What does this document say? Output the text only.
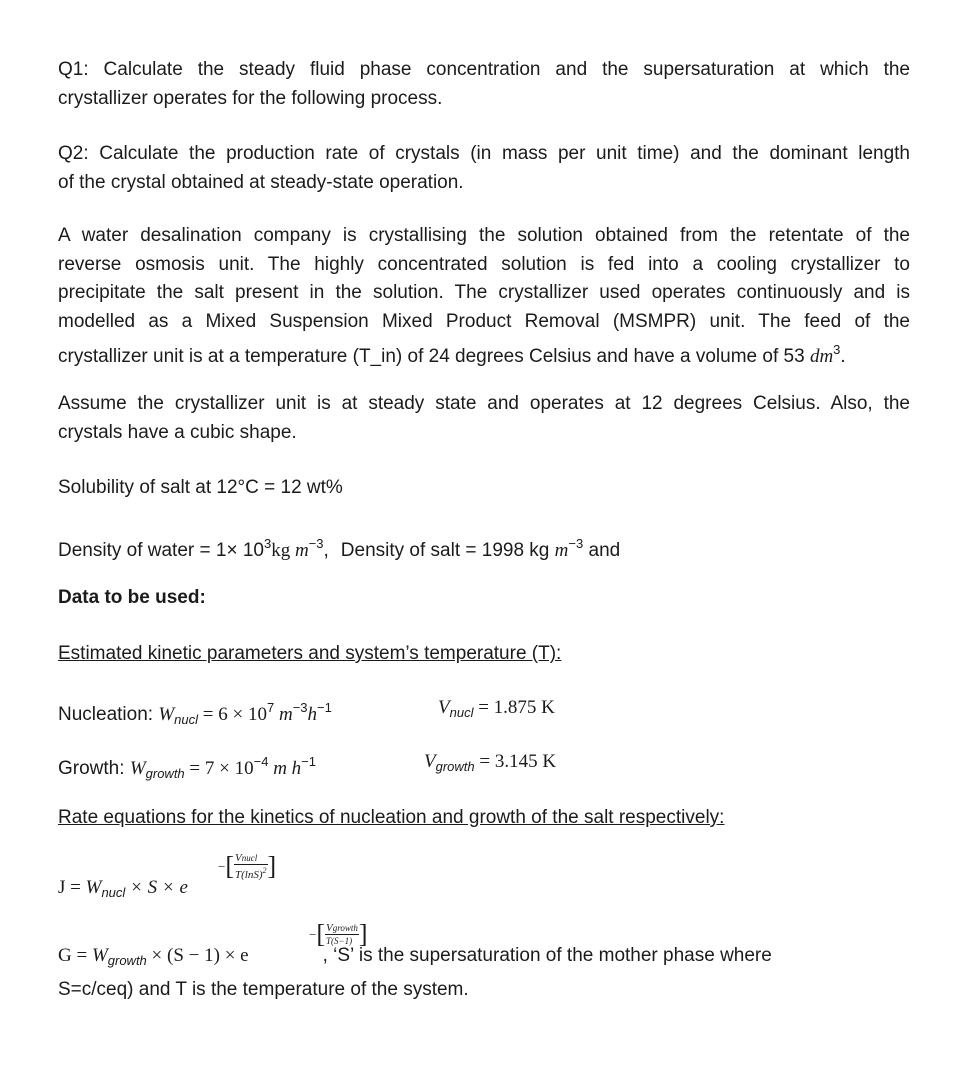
Q1: Calculate the steady fluid phase concentration and the supersaturation at which the
crystallizer operates for the following process.
Q2: Calculate the production rate of crystals (in mass per unit time) and the dominant length
of the crystal obtained at steady-state operation.
A water desalination company is crystallising the solution obtained from the retentate of the
reverse osmosis unit. The highly concentrated solution is fed into a cooling crystallizer to
precipitate the salt present in the solution. The crystallizer used operates continuously and is
modelled as a Mixed Suspension Mixed Product Removal (MSMPR) unit. The feed of the
crystallizer unit is at a temperature (T_in) of 24 degrees Celsius and have a volume of 53 $dm^3$.
Assume the crystallizer unit is at steady state and operates at 12 degrees Celsius. Also, the
crystals have a cubic shape.
Solubility of salt at 12°C = 12 wt%
Density of water = $1\times 10^3kg$ $m^{-3}$, Density of salt = 1998 kg $m^{-3}$ and
Data to be used:
Estimated kinetic parameters and system’s temperature (T):
Nucleation: $W_{nucl} = 6 \times 10^7$ $m^{-3}h^{-1}$	$V_{nucl} = 1.875$ K
Growth: $W_{growth} = 7 \times 10^{-4}$ m $h^{-1}$	$V_{growth} = 3.145$ K
Rate equations for the kinetics of nucleation and growth of the salt respectively:
$J = W_{nucl} \times S \times e$
−[ $\frac{\text{Vnucl}}{T(\ln S)^2}$ ]
$G = W_{growth} \times (S - 1) \times e$	, ‘S’ is the supersaturation of the mother phase where
−[ $\frac{\text{Vgrowth}}{T(S-1)}$ ]
S=c/ceq) and T is the temperature of the system.
